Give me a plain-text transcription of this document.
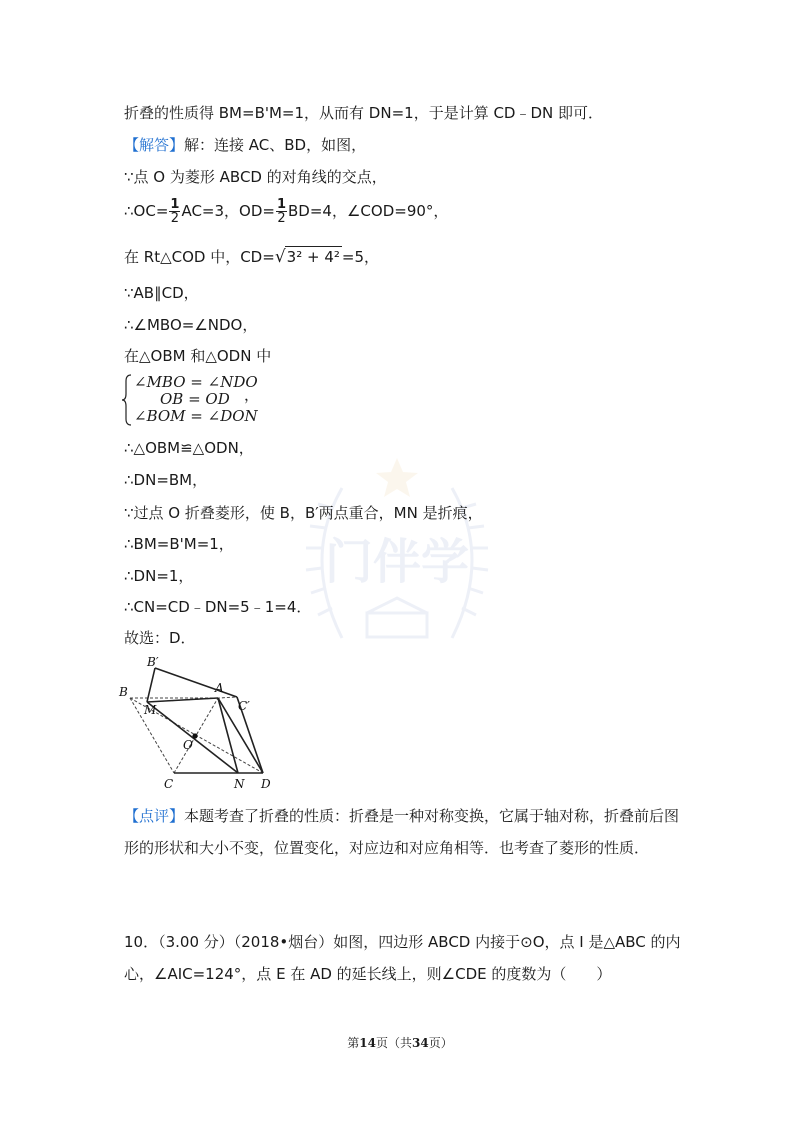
门伴学
折叠的性质得 BM=B'M=1，从而有 DN=1，于是计算 CD﹣DN 即可．
【解答】解：连接 AC、BD，如图，
∵点 O 为菱形 ABCD 的对角线的交点，
∴OC= $\frac{1}{2} AC=3$，$OD= \frac{1}{2} BD=4$，∠COD=90°，
在 Rt△COD 中，CD=√3² + 4² =5，
∵AB∥CD，
∴∠MBO=∠NDO，
在△OBM 和△ODN 中
∠MBO = ∠NDO
OB = OD
∠BOM = ∠DON
，
∴△OBM≌△ODN，
∴DN=BM，
∵过点 O 折叠菱形，使 B，B′两点重合，MN 是折痕，
∴BM=B'M=1，
∴DN=1，
∴CN=CD﹣DN=5﹣1=4．
故选：D．
B′
B	A
C′
M
O
C	N D
【点评】本题考查了折叠的性质：折叠是一种对称变换，它属于轴对称，折叠前后图形的形状和大小不变，位置变化，对应边和对应角相等．也考查了菱形的性质．
10．（3.00 分）（2018•烟台）如图，四边形 ABCD 内接于⊙O，点 I 是△ABC 的内心，∠AIC=124°，点 E 在 AD 的延长线上，则∠CDE 的度数为（　　）
第14页（共34页）
